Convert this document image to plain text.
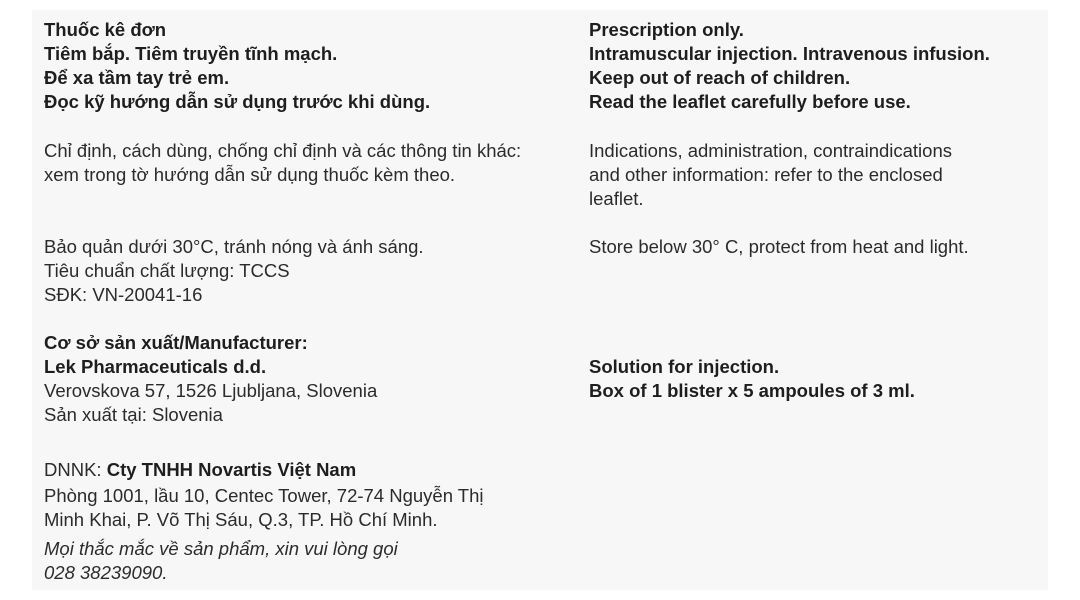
Thuốc kê đơn
Tiêm bắp. Tiêm truyền tĩnh mạch.
Để xa tầm tay trẻ em.
Đọc kỹ hướng dẫn sử dụng trước khi dùng.
Chỉ định, cách dùng, chống chỉ định và các thông tin khác:
xem trong tờ hướng dẫn sử dụng thuốc kèm theo.
Bảo quản dưới 30°C, tránh nóng và ánh sáng.
Tiêu chuẩn chất lượng: TCCS
SĐK: VN-20041-16
Cơ sở sản xuất/Manufacturer:
Lek Pharmaceuticals d.d.
Verovskova 57, 1526 Ljubljana, Slovenia
Sản xuất tại: Slovenia
DNNK: Cty TNHH Novartis Việt Nam
Phòng 1001, lầu 10, Centec Tower, 72-74 Nguyễn Thị
Minh Khai, P. Võ Thị Sáu, Q.3, TP. Hồ Chí Minh.
Mọi thắc mắc về sản phẩm, xin vui lòng gọi
028 38239090.
Prescription only.
Intramuscular injection. Intravenous infusion.
Keep out of reach of children.
Read the leaflet carefully before use.
Indications, administration, contraindications
and other information: refer to the enclosed
leaflet.
Store below 30° C, protect from heat and light.
Solution for injection.
Box of 1 blister x 5 ampoules of 3 ml.
